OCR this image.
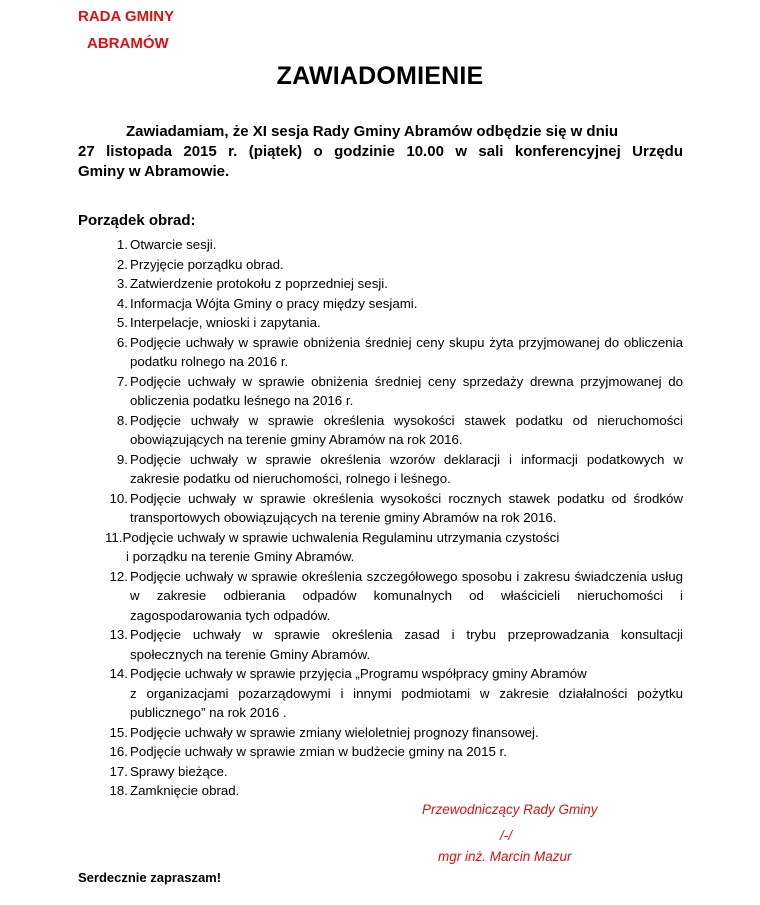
RADA GMINY
ABRAMÓW
ZAWIADOMIENIE
Zawiadamiam, że XI sesja Rady Gminy Abramów odbędzie się w dniu
27 listopada 2015 r. (piątek) o godzinie 10.00 w sali konferencyjnej Urzędu
Gminy w Abramowie.
Porządek obrad:
1. Otwarcie sesji.
2. Przyjęcie porządku obrad.
3. Zatwierdzenie protokołu z poprzedniej sesji.
4. Informacja Wójta Gminy o pracy między sesjami.
5. Interpelacje, wnioski i zapytania.
6. Podjęcie uchwały w sprawie obniżenia średniej ceny skupu żyta przyjmowanej do obliczenia podatku rolnego na 2016 r.
7. Podjęcie uchwały w sprawie obniżenia średniej ceny sprzedaży drewna przyjmowanej do obliczenia podatku leśnego na 2016 r.
8. Podjęcie uchwały w sprawie określenia wysokości stawek podatku od nieruchomości obowiązujących na terenie gminy Abramów na rok 2016.
9. Podjęcie uchwały w sprawie określenia wzorów deklaracji i informacji podatkowych w zakresie podatku od nieruchomości, rolnego i leśnego.
10. Podjęcie uchwały w sprawie określenia wysokości rocznych stawek podatku od środków transportowych obowiązujących na terenie gminy Abramów na rok 2016.
11.Podjęcie uchwały w sprawie uchwalenia Regulaminu utrzymania czystości
i porządku na terenie Gminy Abramów.
12. Podjęcie uchwały w sprawie określenia szczegółowego sposobu i zakresu świadczenia usług w zakresie odbierania odpadów komunalnych od właścicieli nieruchomości i zagospodarowania tych odpadów.
13. Podjęcie uchwały w sprawie określenia zasad i trybu przeprowadzania konsultacji społecznych na terenie Gminy Abramów.
14. Podjęcie uchwały w sprawie przyjęcia „Programu współpracy gminy Abramów
z organizacjami pozarządowymi i innymi podmiotami w zakresie działalności pożytku publicznego” na rok 2016 .
15. Podjęcie uchwały w sprawie zmiany wieloletniej prognozy finansowej.
16. Podjęcie uchwały w sprawie zmian w budżecie gminy na 2015 r.
17. Sprawy bieżące.
18. Zamknięcie obrad.
Przewodniczący Rady Gminy
/-/
mgr inż. Marcin Mazur
Serdecznie zapraszam!
